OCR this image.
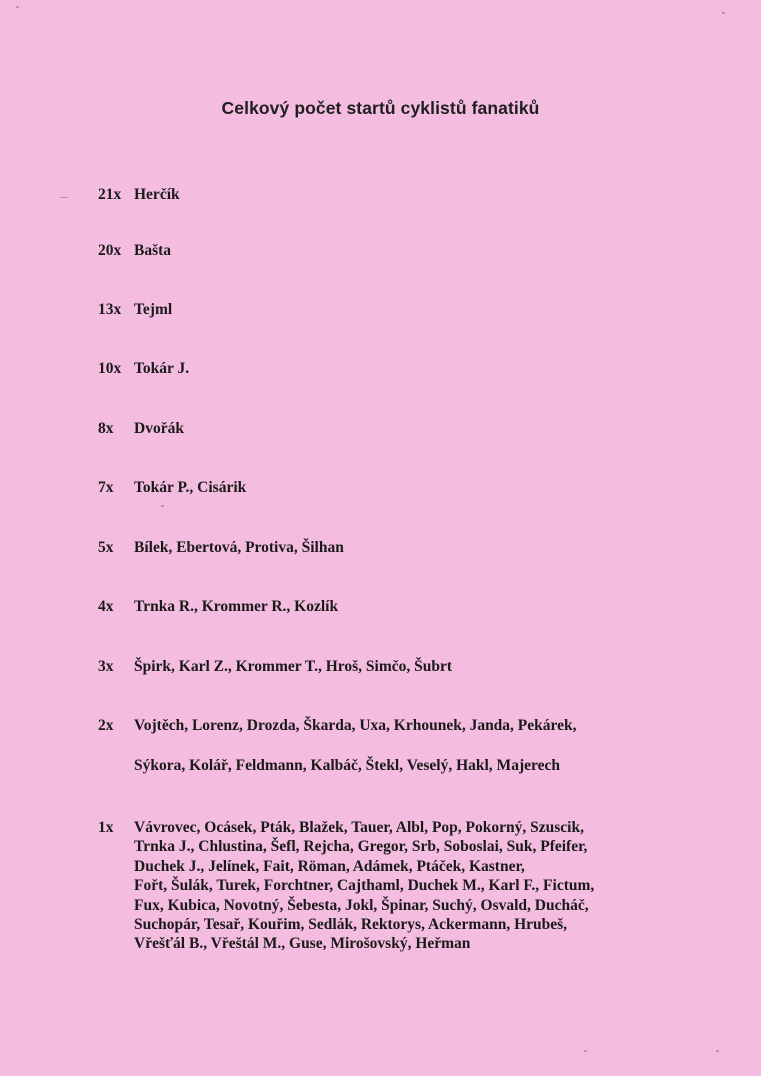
Celkový počet startů cyklistů fanatiků
21x Herčík
20x Bašta
13x Tejml
10x Tokár J.
8x Dvořák
7x Tokár P., Cisárik
5x Bílek, Ebertová, Protiva, Šilhan
4x Trnka R., Krommer R., Kozlík
3x Špirk, Karl Z., Krommer T., Hroš, Simčo, Šubrt
2x Vojtěch, Lorenz, Drozda, Škarda, Uxa, Krhounek, Janda, Pekárek,
Sýkora, Kolář, Feldmann, Kalbáč, Štekl, Veselý, Hakl, Majerech
1x Vávrovec, Ocásek, Pták, Blažek, Tauer, Albl, Pop, Pokorný, Szuscik,
Trnka J., Chlustina, Šefl, Rejcha, Gregor, Srb, Soboslai, Suk, Pfeifer,
Duchek J., Jelínek, Fait, Röman, Adámek, Ptáček, Kastner,
Fořt, Šulák, Turek, Forchtner, Cajthaml, Duchek M., Karl F., Fictum,
Fux, Kubica, Novotný, Šebesta, Jokl, Špinar, Suchý, Osvald, Ducháč,
Suchopár, Tesař, Kouřim, Sedlák, Rektorys, Ackermann, Hrubeš,
Vřešťál B., Vřeštál M., Guse, Mirošovský, Heřman
